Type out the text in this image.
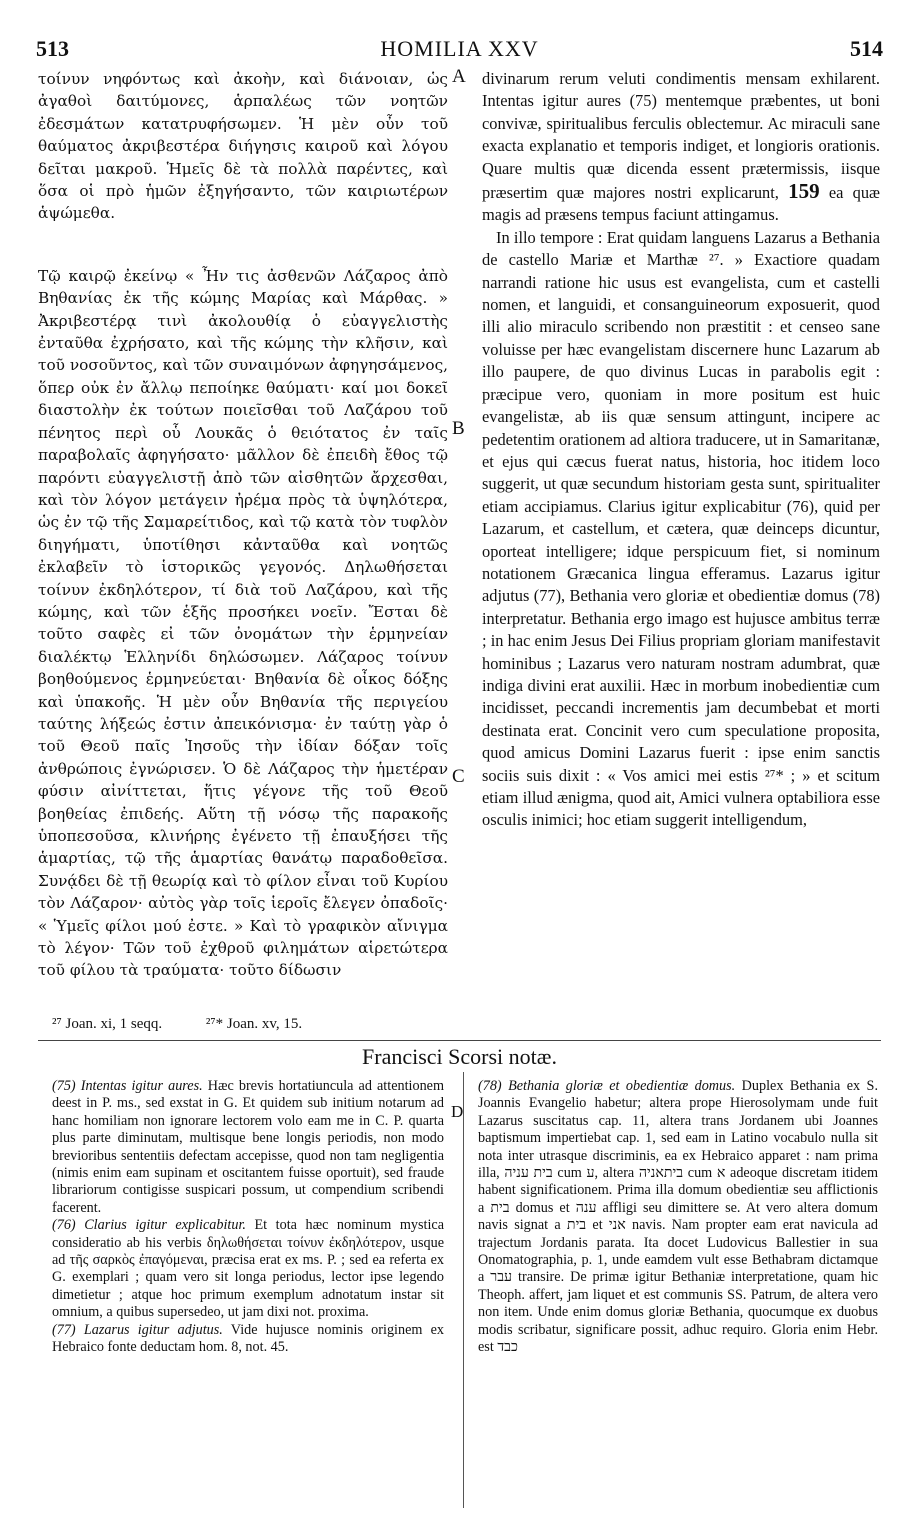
513	HOMILIA XXV	514

τοίνυν νηφόντως καὶ ἀκοὴν, καὶ διάνοιαν, ὡς ἀγαθοὶ δαιτύμονες, ἁρπαλέως τῶν νοητῶν ἐδεσμάτων κατατρυφήσωμεν. Ἡ μὲν οὖν τοῦ θαύματος ἀκριβεστέρα διήγησις καιροῦ καὶ λόγου δεῖται μακροῦ. Ἡμεῖς δὲ τὰ πολλὰ παρέντες, καὶ ὅσα οἱ πρὸ ἡμῶν ἐξηγήσαντο, τῶν καιριωτέρων ἁψώμεθα.

Τῷ καιρῷ ἐκείνῳ « Ἦν τις ἀσθενῶν Λάζαρος ἀπὸ Βηθανίας ἐκ τῆς κώμης Μαρίας καὶ Μάρθας. » Ἀκριβεστέρᾳ τινὶ ἀκολουθίᾳ ὁ εὐαγγελιστὴς ἐνταῦθα ἐχρήσατο, καὶ τῆς κώμης τὴν κλῆσιν, καὶ τοῦ νοσοῦντος, καὶ τῶν συναιμόνων ἀφηγησάμενος, ὅπερ οὐκ ἐν ἄλλῳ πεποίηκε θαύματι· καί μοι δοκεῖ διαστολὴν ἐκ τούτων ποιεῖσθαι τοῦ Λαζάρου τοῦ πένητος περὶ οὗ Λουκᾶς ὁ θειότατος ἐν ταῖς παραβολαῖς ἀφηγήσατο· μᾶλλον δὲ ἐπειδὴ ἔθος τῷ παρόντι εὐαγγελιστῇ ἀπὸ τῶν αἰσθητῶν ἄρχεσθαι, καὶ τὸν λόγον μετάγειν ἠρέμα πρὸς τὰ ὑψηλότερα, ὡς ἐν τῷ τῆς Σαμαρείτιδος, καὶ τῷ κατὰ τὸν τυφλὸν διηγήματι, ὑποτίθησι κἀνταῦθα καὶ νοητῶς ἐκλαβεῖν τὸ ἱστορικῶς γεγονός. Δηλωθήσεται τοίνυν ἐκδηλότερον, τί διὰ τοῦ Λαζάρου, καὶ τῆς κώμης, καὶ τῶν ἑξῆς προσήκει νοεῖν. Ἔσται δὲ τοῦτο σαφὲς εἰ τῶν ὀνομάτων τὴν ἑρμηνείαν διαλέκτῳ Ἑλληνίδι δηλώσωμεν. Λάζαρος τοίνυν βοηθούμενος ἑρμηνεύεται· Βηθανία δὲ οἶκος δόξης καὶ ὑπακοῆς. Ἡ μὲν οὖν Βηθανία τῆς περιγείου ταύτης λήξεώς ἐστιν ἀπεικόνισμα· ἐν ταύτῃ γὰρ ὁ τοῦ Θεοῦ παῖς Ἰησοῦς τὴν ἰδίαν δόξαν τοῖς ἀνθρώποις ἐγνώρισεν. Ὁ δὲ Λάζαρος τὴν ἡμετέραν φύσιν αἰνίττεται, ἥτις γέγονε τῆς τοῦ Θεοῦ βοηθείας ἐπιδεής. Αὕτη τῇ νόσῳ τῆς παρακοῆς ὑποπεσοῦσα, κλινήρης ἐγένετο τῇ ἐπαυξήσει τῆς ἁμαρτίας, τῷ τῆς ἁμαρτίας θανάτῳ παραδοθεῖσα. Συνᾴδει δὲ τῇ θεωρίᾳ καὶ τὸ φίλον εἶναι τοῦ Κυρίου τὸν Λάζαρον· αὐτὸς γὰρ τοῖς ἱεροῖς ἔλεγεν ὀπαδοῖς· « Ὑμεῖς φίλοι μού ἐστε. » Καὶ τὸ γραφικὸν αἴνιγμα τὸ λέγον· Τῶν τοῦ ἐχθροῦ φιλημάτων αἱρετώτερα τοῦ φίλου τὰ τραύματα· τοῦτο δίδωσιν

A
B
C

divinarum rerum veluti condimentis mensam exhilarent. Intentas igitur aures (75) mentemque præbentes, ut boni convivæ, spiritualibus ferculis oblectemur. Ac miraculi sane exacta explanatio et temporis indiget, et longioris orationis. Quare multis quæ dicenda essent prætermissis, iisque præsertim quæ majores nostri explicarunt, 159 ea quæ magis ad præsens tempus faciunt attingamus.

In illo tempore : Erat quidam languens Lazarus a Bethania de castello Mariæ et Marthæ ²⁷. » Exactiore quadam narrandi ratione hic usus est evangelista, cum et castelli nomen, et languidi, et consanguineorum exposuerit, quod illi alio miraculo scribendo non præstitit : et censeo sane voluisse per hæc evangelistam discernere hunc Lazarum ab illo paupere, de quo divinus Lucas in parabolis egit : præcipue vero, quoniam in more positum est huic evangelistæ, ab iis quæ sensum attingunt, incipere ac pedetentim orationem ad altiora traducere, ut in Samaritanæ, et ejus qui cæcus fuerat natus, historia, hoc itidem loco suggerit, ut quæ secundum historiam gesta sunt, spiritualiter etiam accipiamus. Clarius igitur explicabitur (76), quid per Lazarum, et castellum, et cætera, quæ deinceps dicuntur, oporteat intelligere; idque perspicuum fiet, si nominum notationem Græcanica lingua efferamus. Lazarus igitur adjutus (77), Bethania vero gloriæ et obedientiæ domus (78) interpretatur. Bethania ergo imago est hujusce ambitus terræ ; in hac enim Jesus Dei Filius propriam gloriam manifestavit hominibus ; Lazarus vero naturam nostram adumbrat, quæ indiga divini erat auxilii. Hæc in morbum inobedientiæ cum incidisset, peccandi incrementis jam decumbebat et morti destinata erat. Concinit vero cum speculatione proposita, quod amicus Domini Lazarus fuerit : ipse enim sanctis sociis suis dixit : « Vos amici mei estis ²⁷* ; » et scitum etiam illud ænigma, quod ait, Amici vulnera optabiliora esse osculis inimici; hoc etiam suggerit intelligendum,

²⁷ Joan. xi, 1 seqq.	²⁷* Joan. xv, 15.
Francisci Scorsi notæ.
D

(75) Intentas igitur aures. Hæc brevis hortatiuncula ad attentionem deest in P. ms., sed exstat in G. Et quidem sub initium notarum ad hanc homiliam non ignorare lectorem volo eam me in C. P. quarta plus parte diminutam, multisque bene longis periodis, non modo brevioribus sententiis defectam accepisse, quod non tam negligentia (nimis enim eam supinam et oscitantem fuisse oportuit), sed fraude librariorum contigisse suspicari possum, ut compendium scribendi facerent.

(76) Clarius igitur explicabitur. Et tota hæc nominum mystica consideratio ab his verbis δηλωθήσεται τοίνυν ἐκδηλότερον, usque ad τῆς σαρκὸς ἐπαγόμεναι, præcisa erat ex ms. P. ; sed ea referta ex G. exemplari ; quam vero sit longa periodus, lector ipse legendo dimetietur ; atque hoc primum exemplum adnotatum instar sit omnium, a quibus supersedeo, ut jam dixi not. proxima.

(77) Lazarus igitur adjutus. Vide hujusce nominis originem ex Hebraico fonte deductam hom. 8, not. 45.

(78) Bethania gloriæ et obedientiæ domus. Duplex Bethania ex S. Joannis Evangelio habetur; altera prope Hierosolymam unde fuit Lazarus suscitatus cap. 11, altera trans Jordanem ubi Joannes baptismum impertiebat cap. 1, sed eam in Latino vocabulo nulla sit nota inter utrasque discriminis, ea ex Hebraico apparet : nam prima illa, בית עניה cum ע, altera ביתאניה cum א adeoque discretam itidem habent significationem. Prima illa domum obedientiæ seu afflictionis a בית domus et ענה affligi seu dimittere se. At vero altera domum navis signat a בית et אני navis. Nam propter eam erat navicula ad trajectum Jordanis parata. Ita docet Ludovicus Ballestier in sua Onomatographia, p. 1, unde eamdem vult esse Bethabram dictamque a עבר transire. De primæ igitur Bethaniæ interpretatione, quam hic Theoph. affert, jam liquet et est communis SS. Patrum, de altera vero non item. Unde enim domus gloriæ Bethania, quocumque ex duobus modis scribatur, significare possit, adhuc requiro. Gloria enim Hebr. est כבד
